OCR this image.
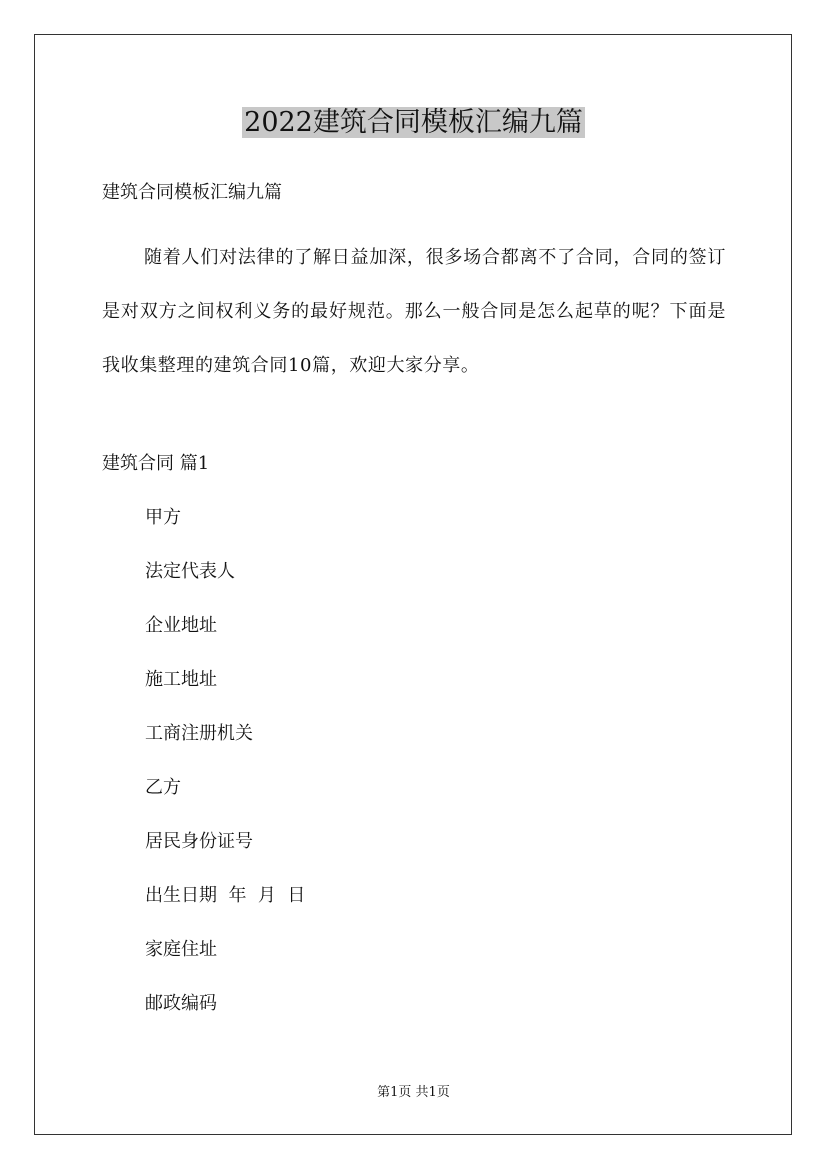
2022建筑合同模板汇编九篇
建筑合同模板汇编九篇
随着人们对法律的了解日益加深，很多场合都离不了合同，合同的签订是对双方之间权利义务的最好规范。那么一般合同是怎么起草的呢？下面是我收集整理的建筑合同10篇，欢迎大家分享。
建筑合同 篇1
甲方
法定代表人
企业地址
施工地址
工商注册机关
乙方
居民身份证号
出生日期  年  月  日
家庭住址
邮政编码
第1页 共1页
